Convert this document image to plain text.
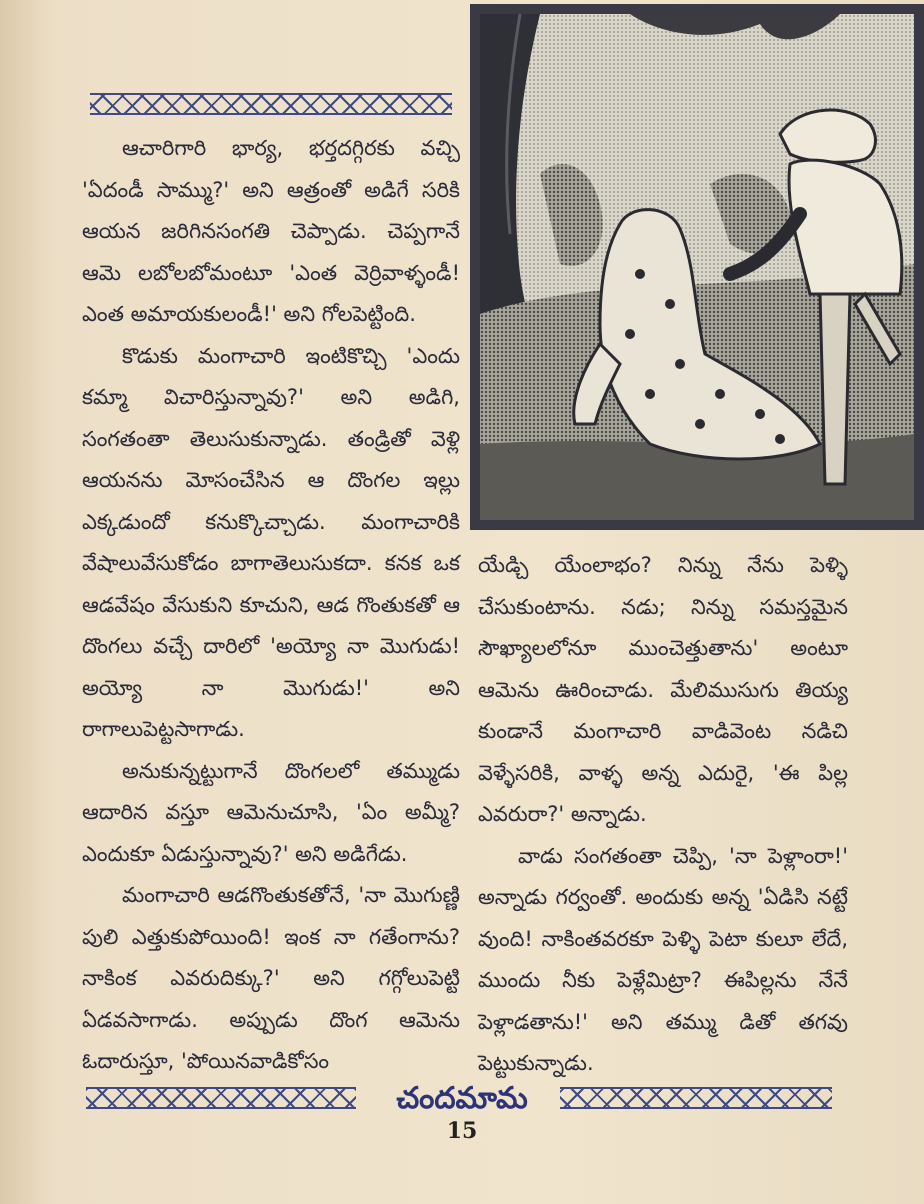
ఆచారిగారి భార్య, భర్తదగ్గిరకు వచ్చి 'ఏదండీ సామ్ము?' అని ఆత్రంతో అడిగే సరికి ఆయన జరిగినసంగతి చెప్పాడు. చెప్పగానే ఆమె లబోలబోమంటూ 'ఎంత వెర్రివాళ్ళండీ! ఎంత అమాయకులండీ!' అని గోలపెట్టింది.

కొడుకు మంగాచారి ఇంటికొచ్చి 'ఎందు కమ్మా విచారిస్తున్నావు?' అని అడిగి, సంగతంతా తెలుసుకున్నాడు. తండ్రితో వెళ్లి ఆయనను మోసంచేసిన ఆ దొంగల ఇల్లు ఎక్కడుందో కనుక్కొచ్చాడు. మంగాచారికి వేషాలువేసుకోడం బాగాతెలుసుకదా. కనక ఒక ఆడవేషం వేసుకుని కూచుని, ఆడ గొంతుకతో ఆ దొంగలు వచ్చే దారిలో 'అయ్యో నా మొగుడు! అయ్యో నా మొగుడు!' అని రాగాలుపెట్టసాగాడు.

అనుకున్నట్టుగానే దొంగలలో తమ్ముడు ఆదారిన వస్తూ ఆమెనుచూసి, 'ఏం అమ్మీ? ఎందుకూ ఏడుస్తున్నావు?' అని అడిగేడు.

మంగాచారి ఆడగొంతుకతోనే, 'నా మొగుణ్ణి పులి ఎత్తుకుపోయింది! ఇంక నా గతేంగాను? నాకింక ఎవరుదిక్కు?' అని గగ్గోలుపెట్టి ఏడవసాగాడు. అప్పుడు దొంగ ఆమెను ఓదారుస్తూ, 'పోయినవాడికోసం

యేడ్చి యేంలాభం? నిన్ను నేను పెళ్ళి చేసుకుంటాను. నడు; నిన్ను సమస్తమైన సౌఖ్యాలలోనూ ముంచెత్తుతాను' అంటూ ఆమెను ఊరించాడు. మేలిముసుగు తియ్య కుండానే మంగాచారి వాడివెంట నడిచి వెళ్ళేసరికి, వాళ్ళ అన్న ఎదురై, 'ఈ పిల్ల ఎవరురా?' అన్నాడు.

వాడు సంగతంతా చెప్పి, 'నా పెళ్లాంరా!' అన్నాడు గర్వంతో. అందుకు అన్న 'ఏడిసి నట్టే వుంది! నాకింతవరకూ పెళ్ళి పెటా కులూ లేదే, ముందు నీకు పెళ్లేమిట్రా? ఈపిల్లను నేనే పెళ్లాడతాను!' అని తమ్ము డితో తగవు పెట్టుకున్నాడు.

చందమామ
15
